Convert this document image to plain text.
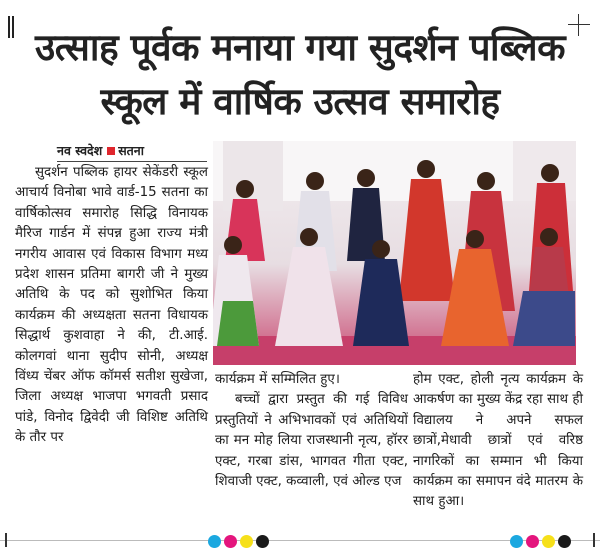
उत्साह पूर्वक मनाया गया सुदर्शन पब्लिक
स्कूल में वार्षिक उत्सव समारोह
नव स्वदेश सतना

सुदर्शन पब्लिक हायर सेकेंडरी स्कूल आचार्य विनोबा भावे वार्ड-15 सतना का वार्षिकोत्सव समारोह सिद्धि विनायक मैरिज गार्डन में संपन्न हुआ राज्य मंत्री नगरीय आवास एवं विकास विभाग मध्य प्रदेश शासन प्रतिमा बागरी जी ने मुख्य अतिथि के पद को सुशोभित किया कार्यक्रम की अध्यक्षता सतना विधायक सिद्धार्थ कुशवाहा ने की, टी.आई. कोलगवां थाना सुदीप सोनी, अध्यक्ष विंध्य चेंबर ऑफ कॉमर्स सतीश सुखेजा, जिला अध्यक्ष भाजपा भगवती प्रसाद पांडे, विनोद द्विवेदी जी विशिष्ट अतिथि के तौर पर

कार्यक्रम में सम्मिलित हुए।

बच्चों द्वारा प्रस्तुत की गई विविध प्रस्तुतियों ने अभिभावकों एवं अतिथियों का मन मोह लिया राजस्थानी नृत्य, हॉरर एक्ट, गरबा डांस, भागवत गीता एक्ट, शिवाजी एक्ट, कव्वाली, एवं ओल्ड एज

होम एक्ट, होली नृत्य कार्यक्रम के आकर्षण का मुख्य केंद्र रहा साथ ही विद्यालय ने अपने सफल छात्रों,मेधावी छात्रों एवं वरिष्ठ नागरिकों का सम्मान भी किया कार्यक्रम का समापन वंदे मातरम के साथ हुआ।
